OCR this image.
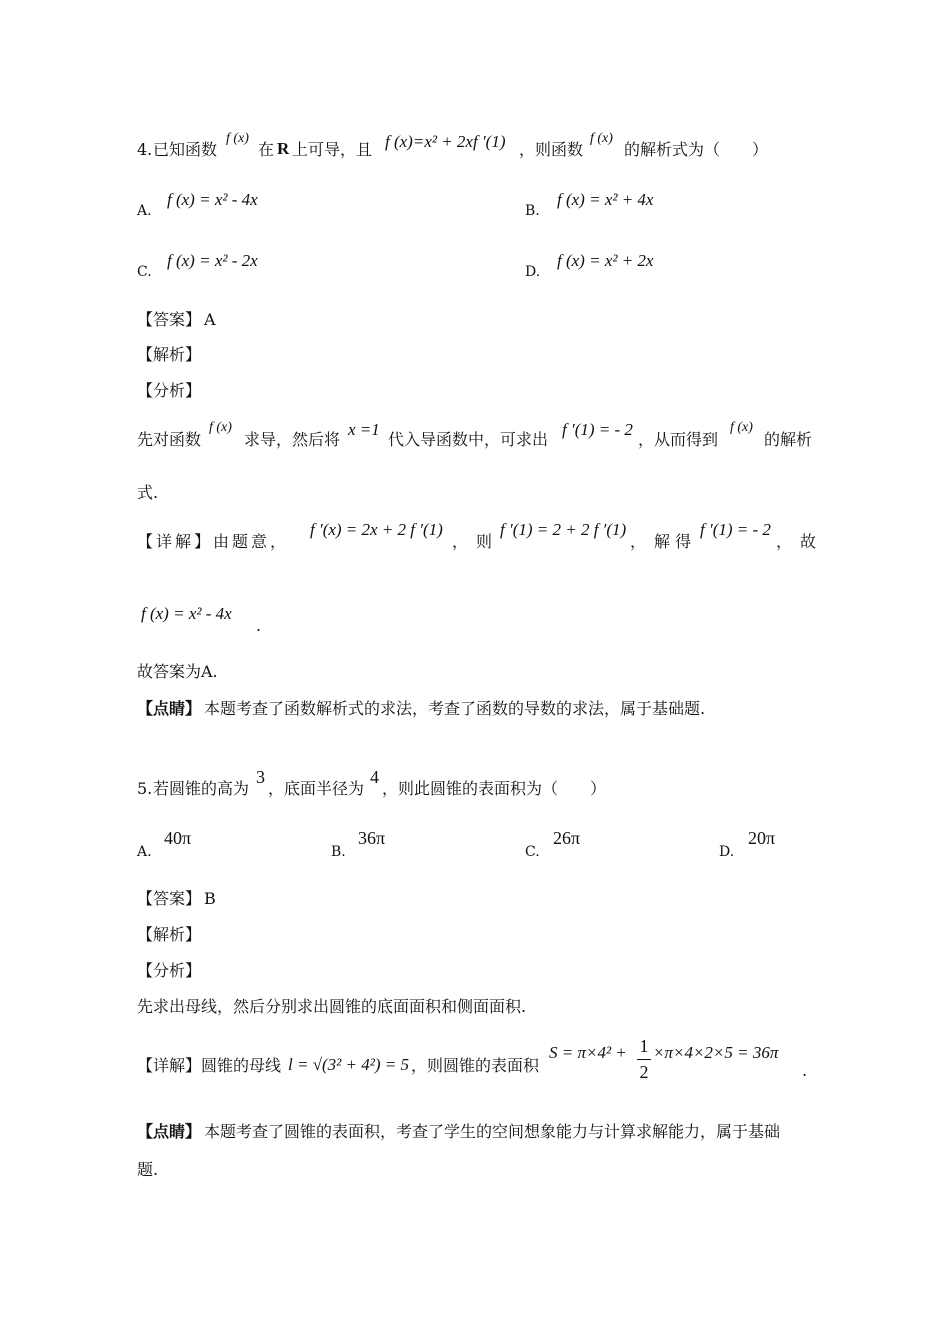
4. 已知函数
f (x)
在 R 上可导，且 f (x)=x² + 2xf ′(1) ，则函数
f (x)
的解析式为（　　）
A.
f (x) = x² - 4x
B.
f (x) = x² + 4x
C.
f (x) = x² - 2x
D.
f (x) = x² + 2x
【答案】 A
【解析】
【分析】
先对函数
f (x)
求导，然后将
x =1
代入导函数中，可求出
f ′(1) = - 2
，从而得到
f (x)
的解析
式.
【详解】由题意，
f ′(x) = 2x + 2 f ′(1)
，　则
f ′(1) = 2 + 2 f ′(1)
，　解 得
f ′(1) = - 2
，　故
f (x) = x² - 4x
.
故答案为A.
【点睛】 本题考查了函数解析式的求法，考查了函数的导数的求法，属于基础题.
5. 若圆锥的高为
3
，底面半径为
4
，则此圆锥的表面积为（　　）
A.
40π
B.
36π
C.
26π
D.
20π
【答案】 B
【解析】
【分析】
先求出母线，然后分别求出圆锥的底面面积和侧面面积.
【详解】圆锥的母线 l = √(3² + 4²) = 5 ，则圆锥的表面积
S = π×4² + 1
2
×π×4×2×5 = 36π
.
【点睛】 本题考查了圆锥的表面积，考查了学生的空间想象能力与计算求解能力，属于基础
题.
